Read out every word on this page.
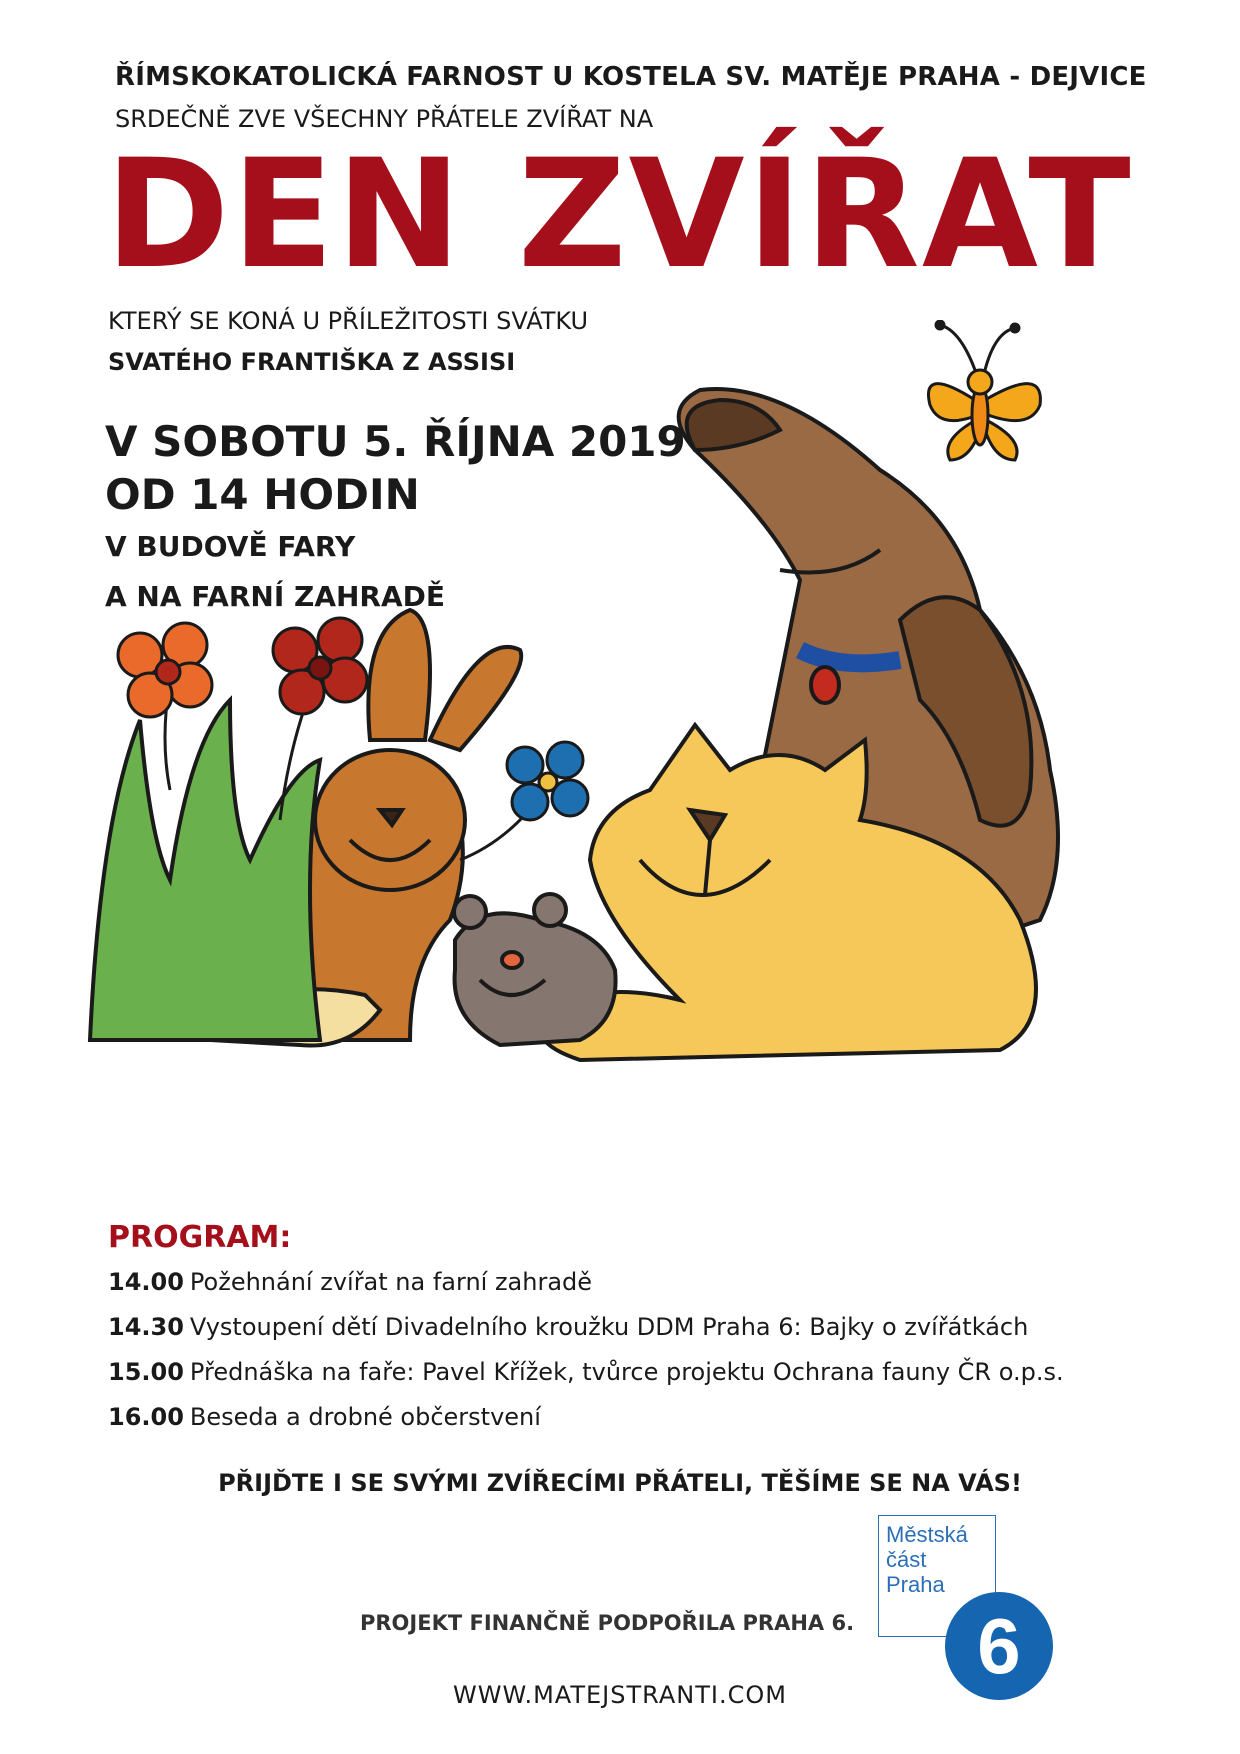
ŘÍMSKOKATOLICKÁ FARNOST U KOSTELA SV. MATĚJE PRAHA - DEJVICE
SRDEČNĚ ZVE VŠECHNY PŘÁTELE ZVÍŘAT NA
DEN ZVÍŘAT
KTERÝ SE KONÁ U PŘÍLEŽITOSTI SVÁTKU
SVATÉHO FRANTIŠKA Z ASSISI
V SOBOTU 5. ŘÍJNA 2019
OD 14 HODIN
V BUDOVĚ FARY
A NA FARNÍ ZAHRADĚ
PROGRAM:
14.00 Požehnání zvířat na farní zahradě
14.30 Vystoupení dětí Divadelního kroužku DDM Praha 6: Bajky o zvířátkách
15.00 Přednáška na faře: Pavel Křížek, tvůrce projektu Ochrana fauny ČR o.p.s.
16.00 Beseda a drobné občerstvení
PŘIJĎTE I SE SVÝMI ZVÍŘECÍMI PŘÁTELI, TĚŠÍME SE NA VÁS!
PROJEKT FINANČNĚ PODPOŘILA PRAHA 6.
Městská
část
Praha
6
WWW.MATEJSTRANTI.COM
